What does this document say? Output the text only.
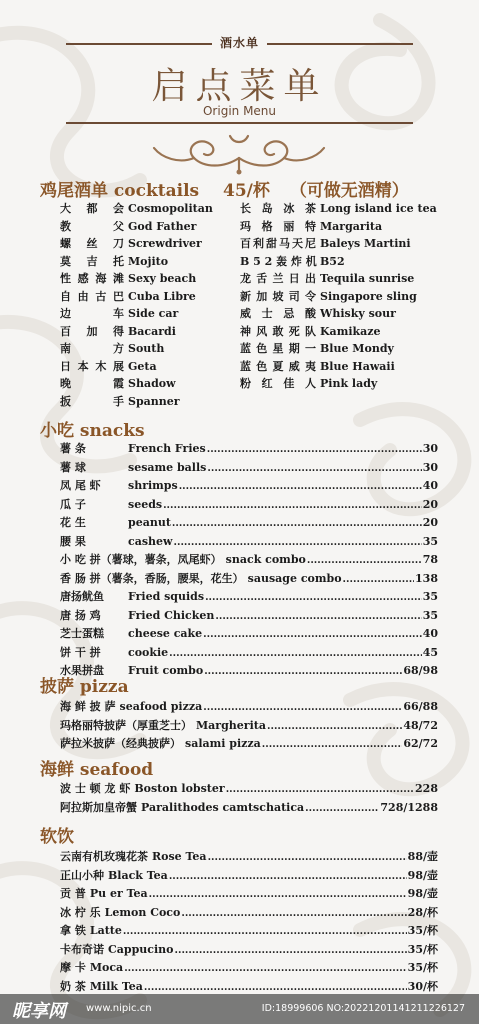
酒水单
启点菜单
Origin Menu
鸡尾酒单 cocktails 45/杯 （可做无酒精）
大 都 会 Cosmopolitan
教 父 God Father
螺 丝 刀 Screwdriver
莫 吉 托 Mojito
性感海滩 Sexy beach
自由古巴 Cuba Libre
边 车 Side car
百 加 得 Bacardi
南 方 South
日本木展 Geta
晚 霞 Shadow
扳 手 Spanner
长 岛 冰 茶 Long island ice tea
玛 格 丽 特 Margarita
百利甜马天尼 Baleys Martini
B 5 2 轰 炸 机 B52
龙舌兰日出 Tequila sunrise
新加坡司令 Singapore sling
威 士 忌 酸 Whisky sour
神风敢死队 Kamikaze
蓝色星期一 Blue Mondy
蓝色夏威夷 Blue Hawaii
粉 红 佳 人 Pink lady
小吃 snacks
薯 条	French Fries .....	30
薯 球	sesame balls .....	30
凤 尾 虾 shrimps .....	40
瓜 子	seeds .....	20
花 生	peanut .....	20
腰 果	cashew .....	35
小 吃 拼（薯球，薯条，凤尾虾） snack combo .....	78
香 肠 拼（薯条，香肠，腰果，花生） sausage combo .....	138
唐扬鱿鱼 Fried squids .....	35
唐 扬 鸡 Fried Chicken .....	35
芝士蛋糕 cheese cake .....	40
饼 干 拼 cookie .....	45
水果拼盘 Fruit combo .....	68/98
披萨 pizza
海 鲜 披 萨 seafood pizza .....	66/88
玛格丽特披萨（厚重芝士） Margherita .....	48/72
萨拉米披萨（经典披萨） salami pizza .....	62/72
海鲜 seafood
波 士 顿 龙 虾 Boston lobster .....	228
阿拉斯加皇帝蟹 Paralithodes camtschatica .....	728/1288
软饮
云南有机玫瑰花茶 Rose Tea .....	88/壶
正山小种 Black Tea .....	98/壶
贡 普 Pu er Tea .....	98/壶
冰 柠 乐 Lemon Coco .....	28/杯
拿 铁 Latte .....	35/杯
卡布奇诺 Cappucino .....	35/杯
摩 卡 Moca .....	35/杯
奶 茶 Milk Tea .....	30/杯
昵享网 www.nipic.cn	ID:18999606 NO:20221201141211226127
